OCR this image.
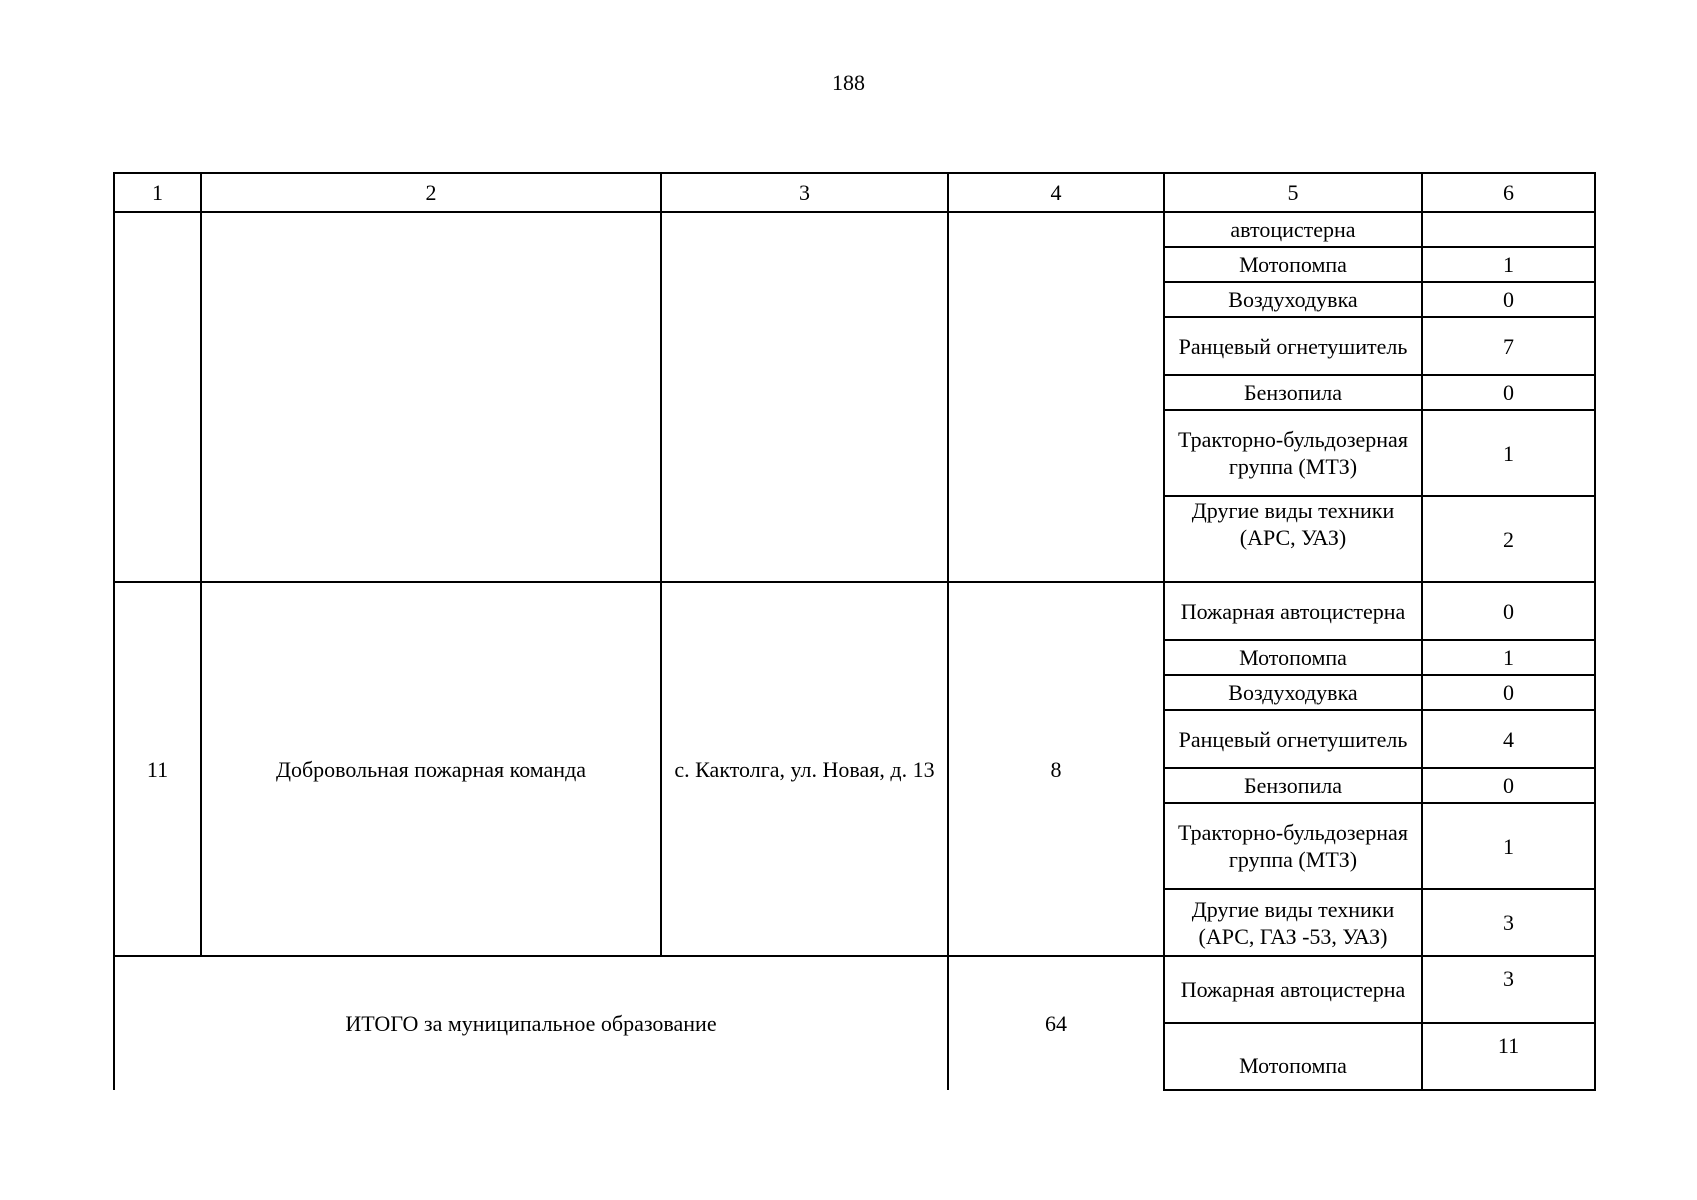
188
1	2	3	4	5	6
				автоцистерна	
				Мотопомпа	1
				Воздуходувка	0
				Ранцевый огнетушитель	7
				Бензопила	0
				Тракторно-бульдозерная группа (МТЗ)	1
				Другие виды техники (АРС, УАЗ)	2
11	Добровольная пожарная команда	с. Кактолга, ул. Новая, д. 13	8	Пожарная автоцистерна	0
				Мотопомпа	1
				Воздуходувка	0
				Ранцевый огнетушитель	4
				Бензопила	0
				Тракторно-бульдозерная группа (МТЗ)	1
				Другие виды техники (АРС, ГАЗ -53, УАЗ)	3
ИТОГО за муниципальное образование			64	Пожарная автоцистерна	3
				Мотопомпа	11
